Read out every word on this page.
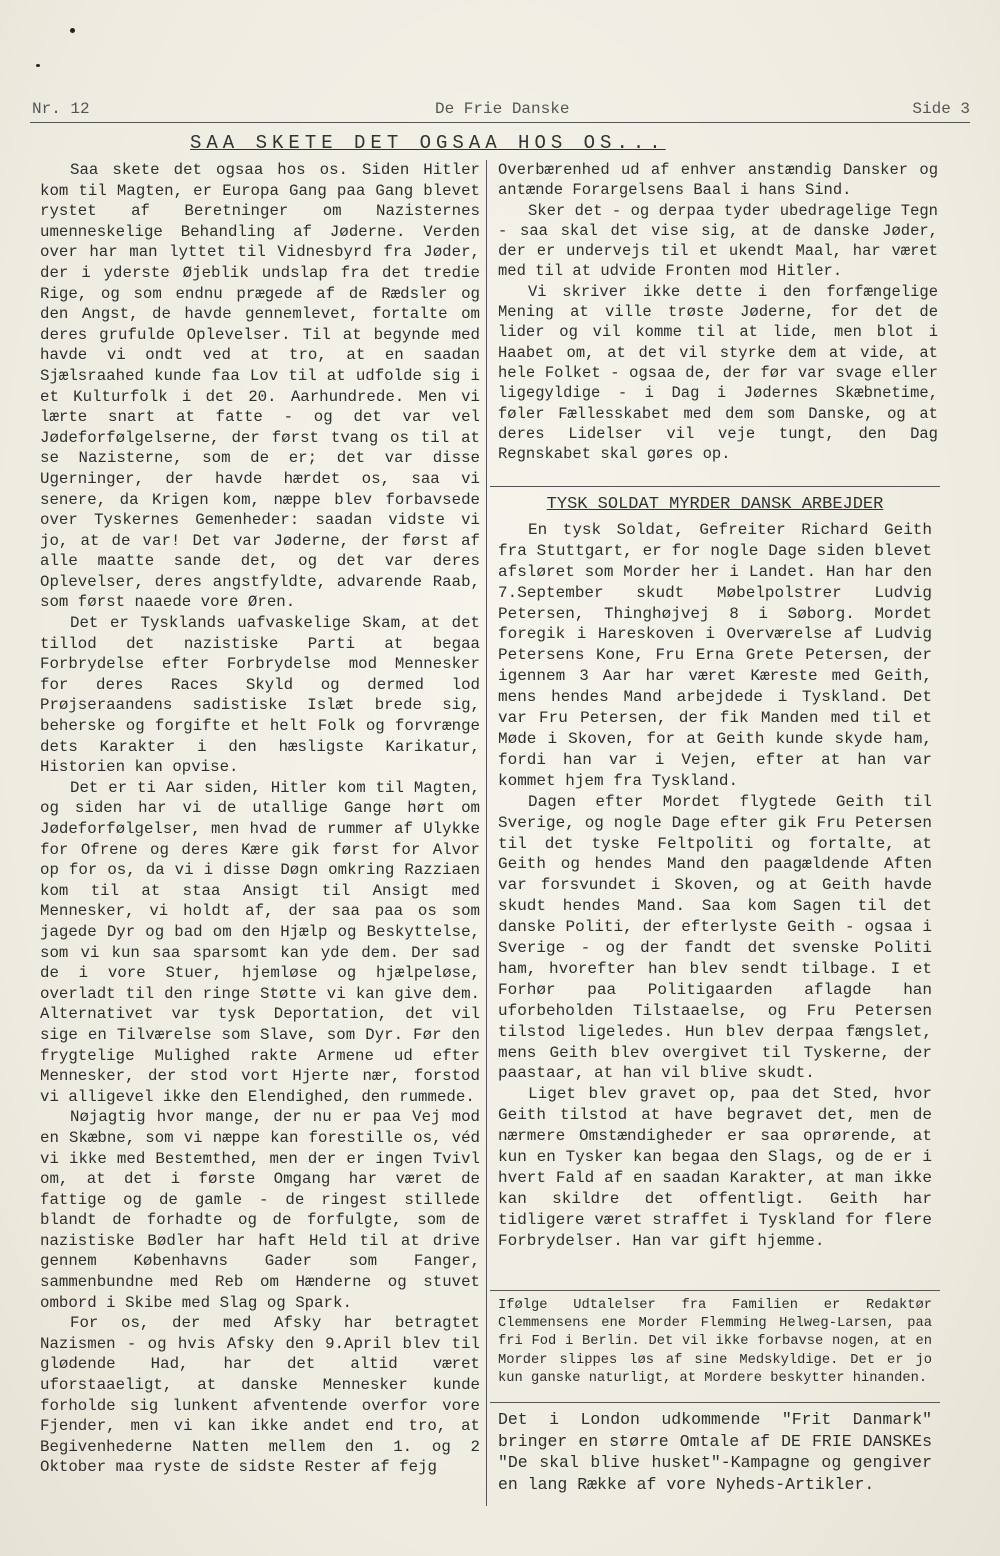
Nr. 12	De Frie Danske	Side 3
SAA SKETE DET OGSAA HOS OS...

Saa skete det ogsaa hos os. Siden Hitler kom til Magten, er Europa Gang paa Gang blevet rystet af Beretninger om Nazisternes umenneskelige Behandling af Jøderne. Verden over har man lyttet til Vidnesbyrd fra Jøder, der i yderste Øjeblik undslap fra det tredie Rige, og som endnu prægede af de Rædsler og den Angst, de havde gennemlevet, fortalte om deres grufulde Oplevelser. Til at begynde med havde vi ondt ved at tro, at en saadan Sjælsraahed kunde faa Lov til at udfolde sig i et Kulturfolk i det 20. Aarhundrede. Men vi lærte snart at fatte - og det var vel Jødeforfølgelserne, der først tvang os til at se Nazisterne, som de er; det var disse Ugerninger, der havde hærdet os, saa vi senere, da Krigen kom, næppe blev forbavsede over Tyskernes Gemenheder: saadan vidste vi jo, at de var! Det var Jøderne, der først af alle maatte sande det, og det var deres Oplevelser, deres angstfyldte, advarende Raab, som først naaede vore Øren.

Det er Tysklands uafvaskelige Skam, at det tillod det nazistiske Parti at begaa Forbrydelse efter Forbrydelse mod Mennesker for deres Races Skyld og dermed lod Prøjseraandens sadistiske Islæt brede sig, beherske og forgifte et helt Folk og forvrænge dets Karakter i den hæsligste Karikatur, Historien kan opvise.

Det er ti Aar siden, Hitler kom til Magten, og siden har vi de utallige Gange hørt om Jødeforfølgelser, men hvad de rummer af Ulykke for Ofrene og deres Kære gik først for Alvor op for os, da vi i disse Døgn omkring Razziaen kom til at staa Ansigt til Ansigt med Mennesker, vi holdt af, der saa paa os som jagede Dyr og bad om den Hjælp og Beskyttelse, som vi kun saa sparsomt kan yde dem. Der sad de i vore Stuer, hjemløse og hjælpeløse, overladt til den ringe Støtte vi kan give dem. Alternativet var tysk Deportation, det vil sige en Tilværelse som Slave, som Dyr. Før den frygtelige Mulighed rakte Armene ud efter Mennesker, der stod vort Hjerte nær, forstod vi alligevel ikke den Elendighed, den rummede.

Nøjagtig hvor mange, der nu er paa Vej mod en Skæbne, som vi næppe kan forestille os, véd vi ikke med Bestemthed, men der er ingen Tvivl om, at det i første Omgang har været de fattige og de gamle - de ringest stillede blandt de forhadte og de forfulgte, som de nazistiske Bødler har haft Held til at drive gennem Københavns Gader som Fanger, sammenbundne med Reb om Hænderne og stuvet ombord i Skibe med Slag og Spark.

For os, der med Afsky har betragtet Nazismen - og hvis Afsky den 9.April blev til glødende Had, har det altid været uforstaaeligt, at danske Mennesker kunde forholde sig lunkent afventende overfor vore Fjender, men vi kan ikke andet end tro, at Begivenhederne Natten mellem den 1. og 2 Oktober maa ryste de sidste Rester af fejg

Overbærenhed ud af enhver anstændig Dansker og antænde Forargelsens Baal i hans Sind.

Sker det - og derpaa tyder ubedragelige Tegn - saa skal det vise sig, at de danske Jøder, der er undervejs til et ukendt Maal, har været med til at udvide Fronten mod Hitler.

Vi skriver ikke dette i den forfængelige Mening at ville trøste Jøderne, for det de lider og vil komme til at lide, men blot i Haabet om, at det vil styrke dem at vide, at hele Folket - ogsaa de, der før var svage eller ligegyldige - i Dag i Jødernes Skæbnetime, føler Fællesskabet med dem som Danske, og at deres Lidelser vil veje tungt, den Dag Regnskabet skal gøres op.

TYSK SOLDAT MYRDER DANSK ARBEJDER

En tysk Soldat, Gefreiter Richard Geith fra Stuttgart, er for nogle Dage siden blevet afsløret som Morder her i Landet. Han har den 7.September skudt Møbelpolstrer Ludvig Petersen, Thinghøjvej 8 i Søborg. Mordet foregik i Hareskoven i Overværelse af Ludvig Petersens Kone, Fru Erna Grete Petersen, der igennem 3 Aar har været Kæreste med Geith, mens hendes Mand arbejdede i Tyskland. Det var Fru Petersen, der fik Manden med til et Møde i Skoven, for at Geith kunde skyde ham, fordi han var i Vejen, efter at han var kommet hjem fra Tyskland.

Dagen efter Mordet flygtede Geith til Sverige, og nogle Dage efter gik Fru Petersen til det tyske Feltpoliti og fortalte, at Geith og hendes Mand den paagældende Aften var forsvundet i Skoven, og at Geith havde skudt hendes Mand. Saa kom Sagen til det danske Politi, der efterlyste Geith - ogsaa i Sverige - og der fandt det svenske Politi ham, hvorefter han blev sendt tilbage. I et Forhør paa Politigaarden aflagde han uforbeholden Tilstaaelse, og Fru Petersen tilstod ligeledes. Hun blev derpaa fængslet, mens Geith blev overgivet til Tyskerne, der paastaar, at han vil blive skudt.

Liget blev gravet op, paa det Sted, hvor Geith tilstod at have begravet det, men de nærmere Omstændigheder er saa oprørende, at kun en Tysker kan begaa den Slags, og de er i hvert Fald af en saadan Karakter, at man ikke kan skildre det offentligt. Geith har tidligere været straffet i Tyskland for flere Forbrydelser. Han var gift hjemme.

Ifølge Udtalelser fra Familien er Redaktør Clemmensens ene Morder Flemming Helweg-Larsen, paa fri Fod i Berlin. Det vil ikke forbavse nogen, at en Morder slippes løs af sine Medskyldige. Det er jo kun ganske naturligt, at Mordere beskytter hinanden.

Det i London udkommende "Frit Danmark" bringer en større Omtale af DE FRIE DANSKEs "De skal blive husket"-Kampagne og gengiver en lang Række af vore Nyheds-Artikler.
